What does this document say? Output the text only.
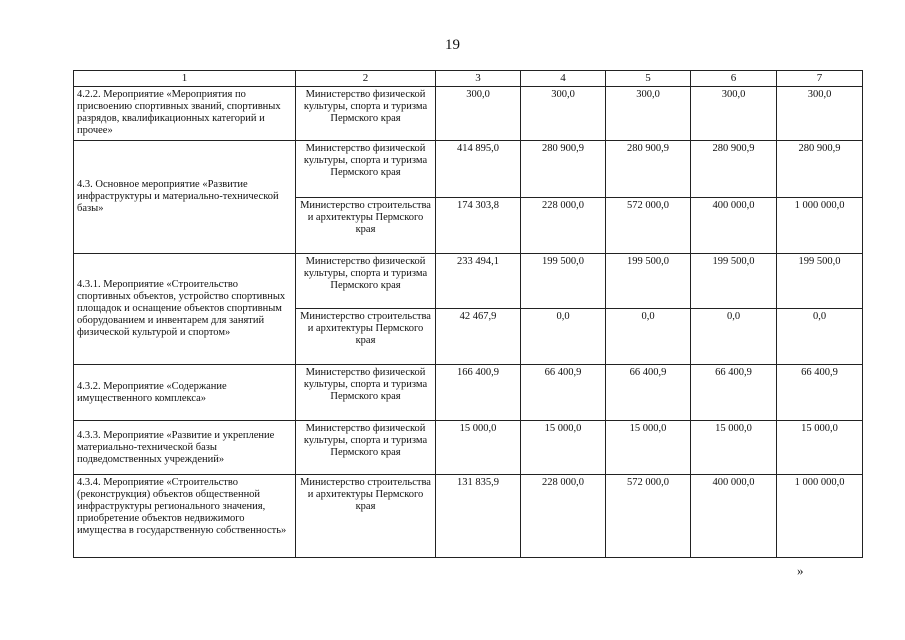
19
1	2	3	4	5	6	7
4.2.2. Мероприятие «Мероприятия по присвоению спортивных званий, спортивных разрядов, квалификационных категорий и прочее»	Министерство физической культуры, спорта и туризма Пермского края	300,0	300,0	300,0	300,0	300,0
4.3. Основное мероприятие «Развитие инфраструктуры и материально-технической базы»	Министерство физической культуры, спорта и туризма Пермского края	414 895,0	280 900,9	280 900,9	280 900,9	280 900,9
	Министерство строительства и архитектуры Пермского края	174 303,8	228 000,0	572 000,0	400 000,0	1 000 000,0
4.3.1. Мероприятие «Строительство спортивных объектов, устройство спортивных площадок и оснащение объектов спортивным оборудованием и инвентарем для занятий физической культурой и спортом»	Министерство физической культуры, спорта и туризма Пермского края	233 494,1	199 500,0	199 500,0	199 500,0	199 500,0
	Министерство строительства и архитектуры Пермского края	42 467,9	0,0	0,0	0,0	0,0
4.3.2. Мероприятие «Содержание имущественного комплекса»	Министерство физической культуры, спорта и туризма Пермского края	166 400,9	66 400,9	66 400,9	66 400,9	66 400,9
4.3.3. Мероприятие «Развитие и укрепление материально-технической базы подведомственных учреждений»	Министерство физической культуры, спорта и туризма Пермского края	15 000,0	15 000,0	15 000,0	15 000,0	15 000,0
4.3.4. Мероприятие «Строительство (реконструкция) объектов общественной инфраструктуры регионального значения, приобретение объектов недвижимого имущества в государственную собственность»	Министерство строительства и архитектуры Пермского края	131 835,9	228 000,0	572 000,0	400 000,0	1 000 000,0
»
